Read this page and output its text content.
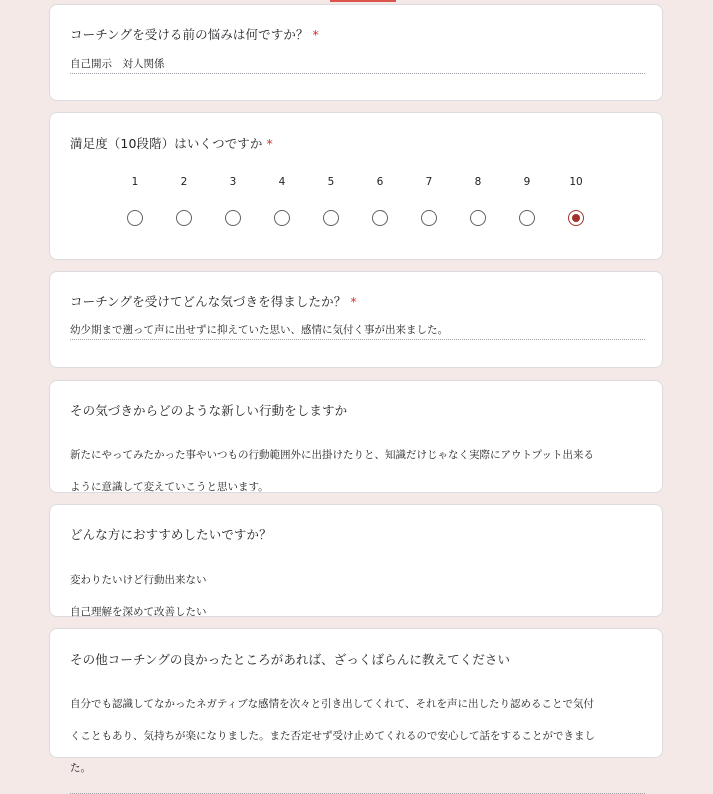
コーチングを受ける前の悩みは何ですか？ *
自己開示　対人関係
満足度（10段階）はいくつですか *
1	2	3	4	5	6	7	8	9	10
コーチングを受けてどんな気づきを得ましたか？ *
幼少期まで遡って声に出せずに抑えていた思い、感情に気付く事が出来ました。
その気づきからどのような新しい行動をしますか

新たにやってみたかった事やいつもの行動範囲外に出掛けたりと、知識だけじゃなく実際にアウトプット出来る

ように意識して変えていこうと思います。

どんな方におすすめしたいですか？

変わりたいけど行動出来ない

自己理解を深めて改善したい

その他コーチングの良かったところがあれば、ざっくばらんに教えてください

自分でも認識してなかったネガティブな感情を次々と引き出してくれて、それを声に出したり認めることで気付

くこともあり、気持ちが楽になりました。また否定せず受け止めてくれるので安心して話をすることができまし

た。
